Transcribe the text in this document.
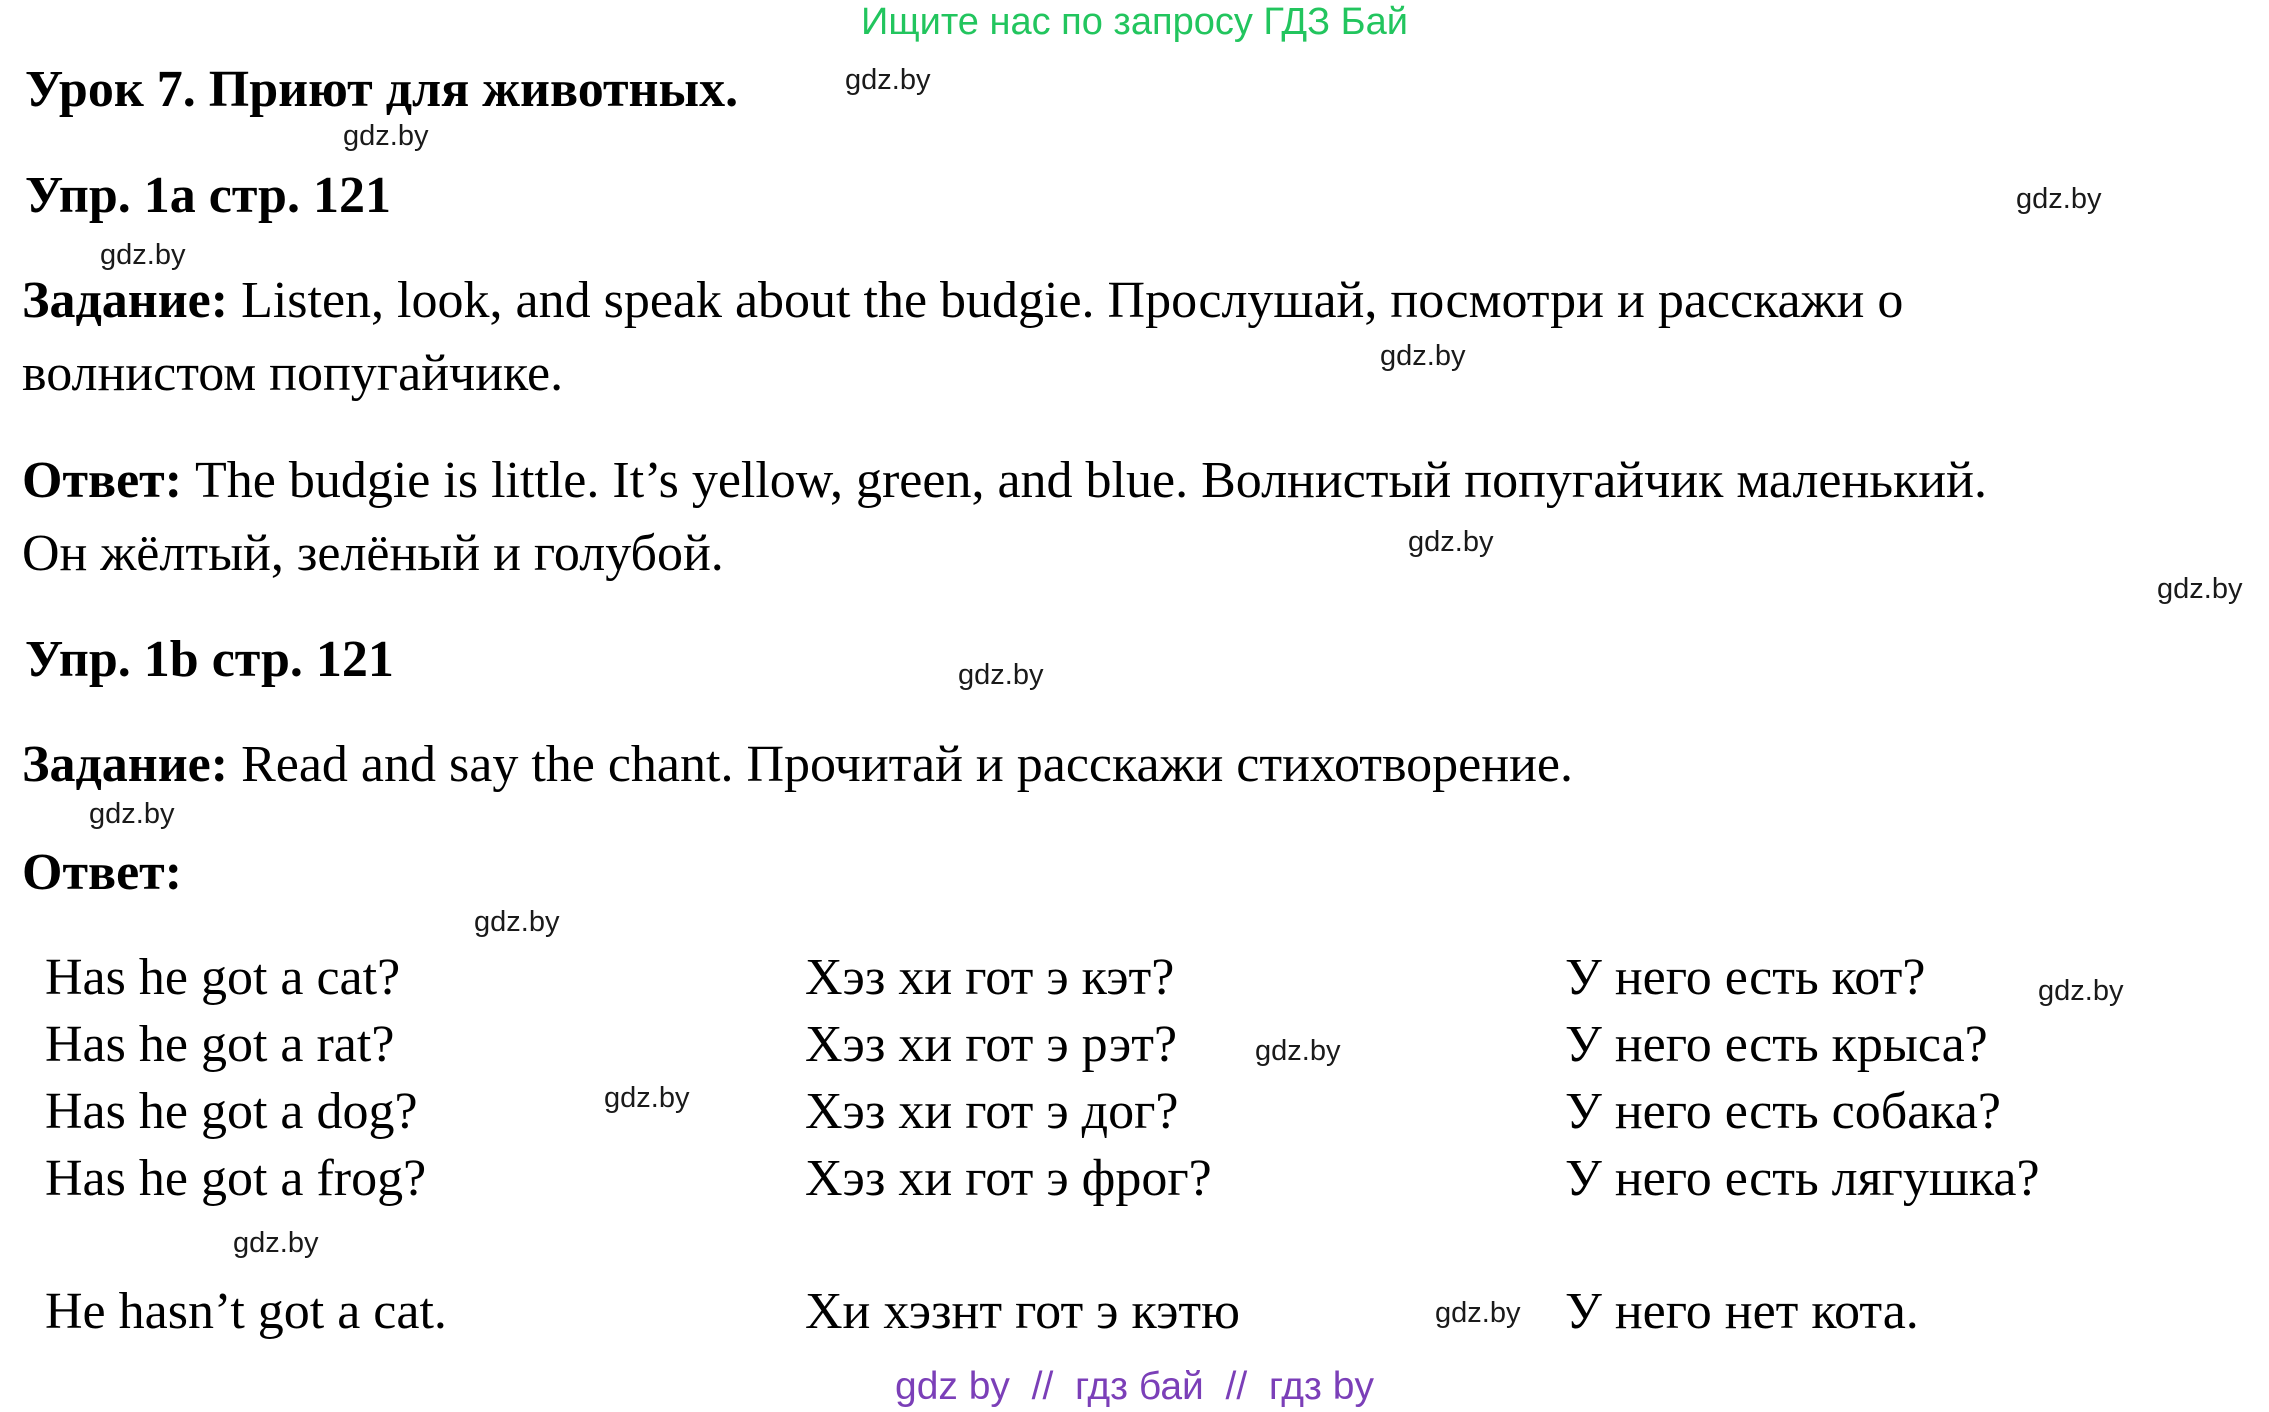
Ищите нас по запросу ГДЗ Бай
Урок 7. Приют для животных.
Упр. 1а стр. 121
Задание: Listen, look, and speak about the budgie. Прослушай, посмотри и расскажи о
волнистом попугайчике.
Ответ: The budgie is little. It’s yellow, green, and blue. Волнистый попугайчик маленький.
Он жёлтый, зелёный и голубой.
Упр. 1b стр. 121
Задание: Read and say the chant. Прочитай и расскажи стихотворение.
Ответ:
Has he got a cat?
Has he got a rat?
Has he got a dog?
Has he got a frog?
He hasn’t got a cat.
Хэз хи гот э кэт?
Хэз хи гот э рэт?
Хэз хи гот э дог?
Хэз хи гот э фрог?
Хи хэзнт гот э кэтю
У него есть кот?
У него есть крыса?
У него есть собака?
У него есть лягушка?
У него нет кота.
gdz.by
gdz.by
gdz.by
gdz.by
gdz.by
gdz.by
gdz.by
gdz.by
gdz.by
gdz.by
gdz.by
gdz.by
gdz.by
gdz.by
gdz.by
gdz by  //  гдз бай  //  гдз by
